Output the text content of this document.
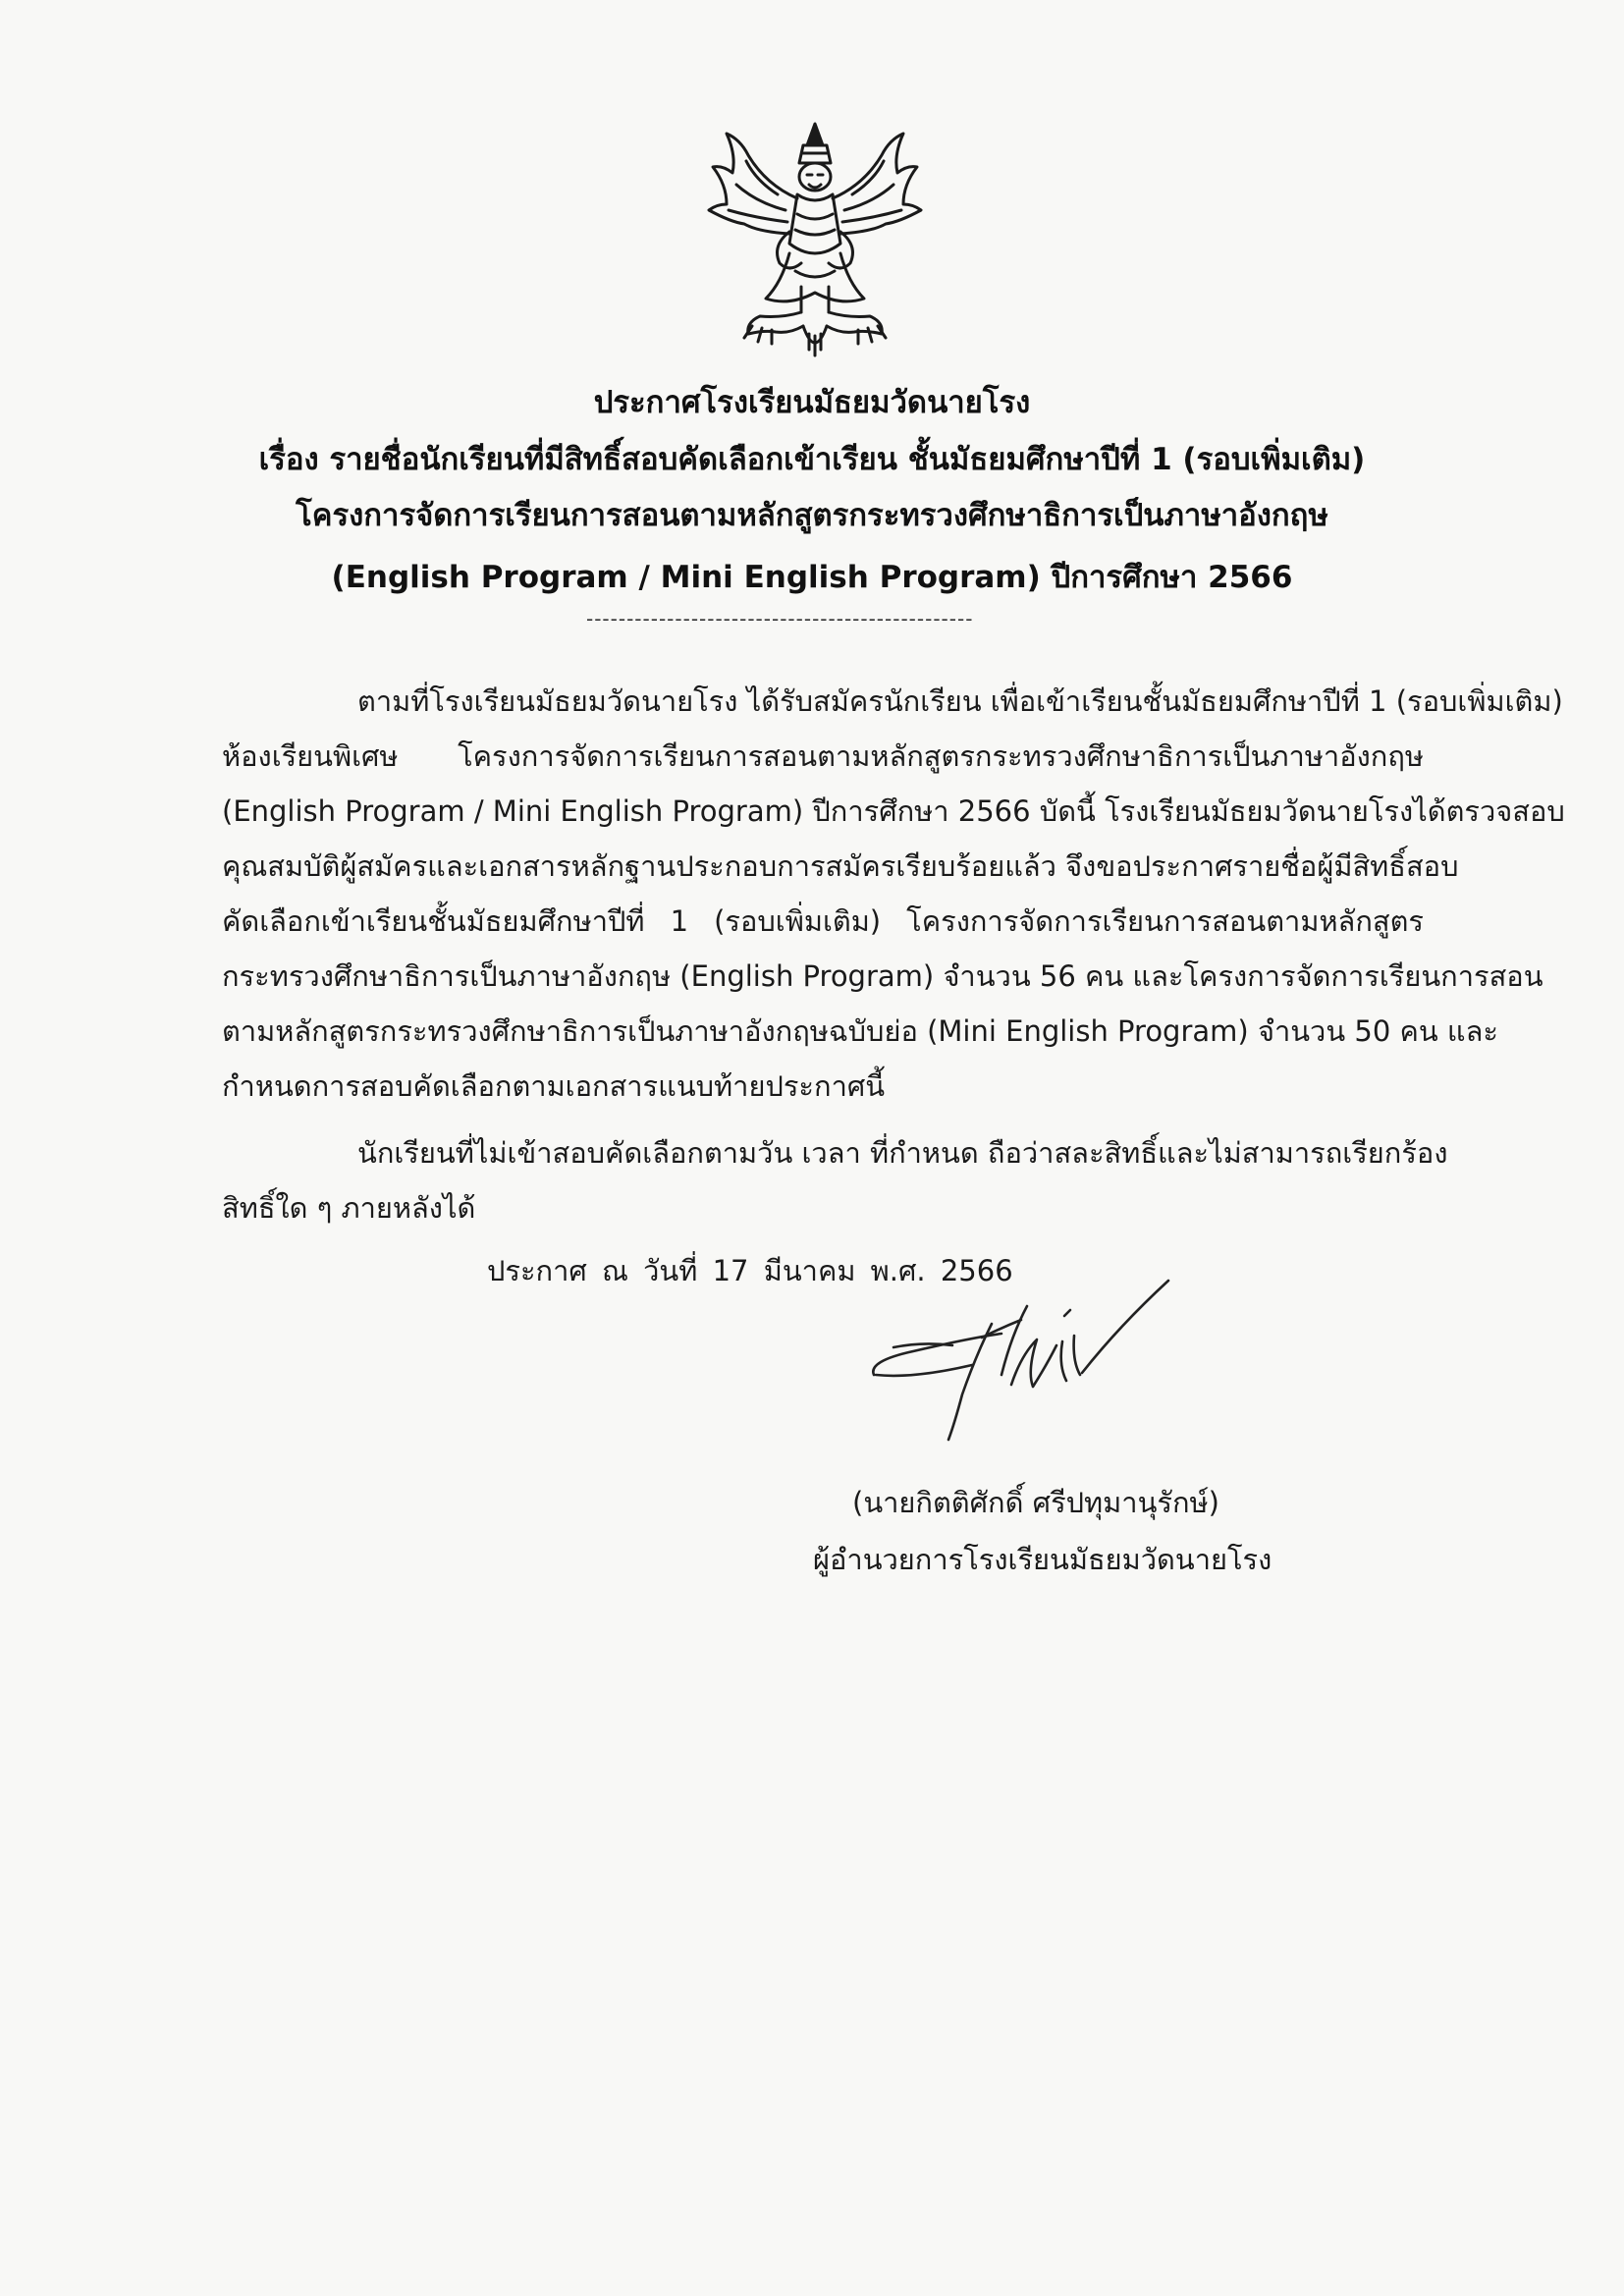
ประกาศโรงเรียนมัธยมวัดนายโรง
เรื่อง รายชื่อนักเรียนที่มีสิทธิ์สอบคัดเลือกเข้าเรียน ชั้นมัธยมศึกษาปีที่ 1 (รอบเพิ่มเติม)
โครงการจัดการเรียนการสอนตามหลักสูตรกระทรวงศึกษาธิการเป็นภาษาอังกฤษ
(English Program / Mini English Program) ปีการศึกษา 2566
------------------------------------------------
ตามที่โรงเรียนมัธยมวัดนายโรง ได้รับสมัครนักเรียน เพื่อเข้าเรียนชั้นมัธยมศึกษาปีที่ 1 (รอบเพิ่มเติม)
ห้องเรียนพิเศษ โครงการจัดการเรียนการสอนตามหลักสูตรกระทรวงศึกษาธิการเป็นภาษาอังกฤษ
(English Program / Mini English Program) ปีการศึกษา 2566 บัดนี้ โรงเรียนมัธยมวัดนายโรงได้ตรวจสอบ
คุณสมบัติผู้สมัครและเอกสารหลักฐานประกอบการสมัครเรียบร้อยแล้ว จึงขอประกาศรายชื่อผู้มีสิทธิ์สอบ
คัดเลือกเข้าเรียนชั้นมัธยมศึกษาปีที่ 1 (รอบเพิ่มเติม) โครงการจัดการเรียนการสอนตามหลักสูตร
กระทรวงศึกษาธิการเป็นภาษาอังกฤษ (English Program) จำนวน 56 คน และโครงการจัดการเรียนการสอน
ตามหลักสูตรกระทรวงศึกษาธิการเป็นภาษาอังกฤษฉบับย่อ (Mini English Program) จำนวน 50 คน และ
กำหนดการสอบคัดเลือกตามเอกสารแนบท้ายประกาศนี้
นักเรียนที่ไม่เข้าสอบคัดเลือกตามวัน เวลา ที่กำหนด ถือว่าสละสิทธิ์และไม่สามารถเรียกร้อง
สิทธิ์ใด ๆ ภายหลังได้
ประกาศ ณ วันที่ 17 มีนาคม พ.ศ. 2566
(นายกิตติศักดิ์ ศรีปทุมานุรักษ์)
ผู้อำนวยการโรงเรียนมัธยมวัดนายโรง
